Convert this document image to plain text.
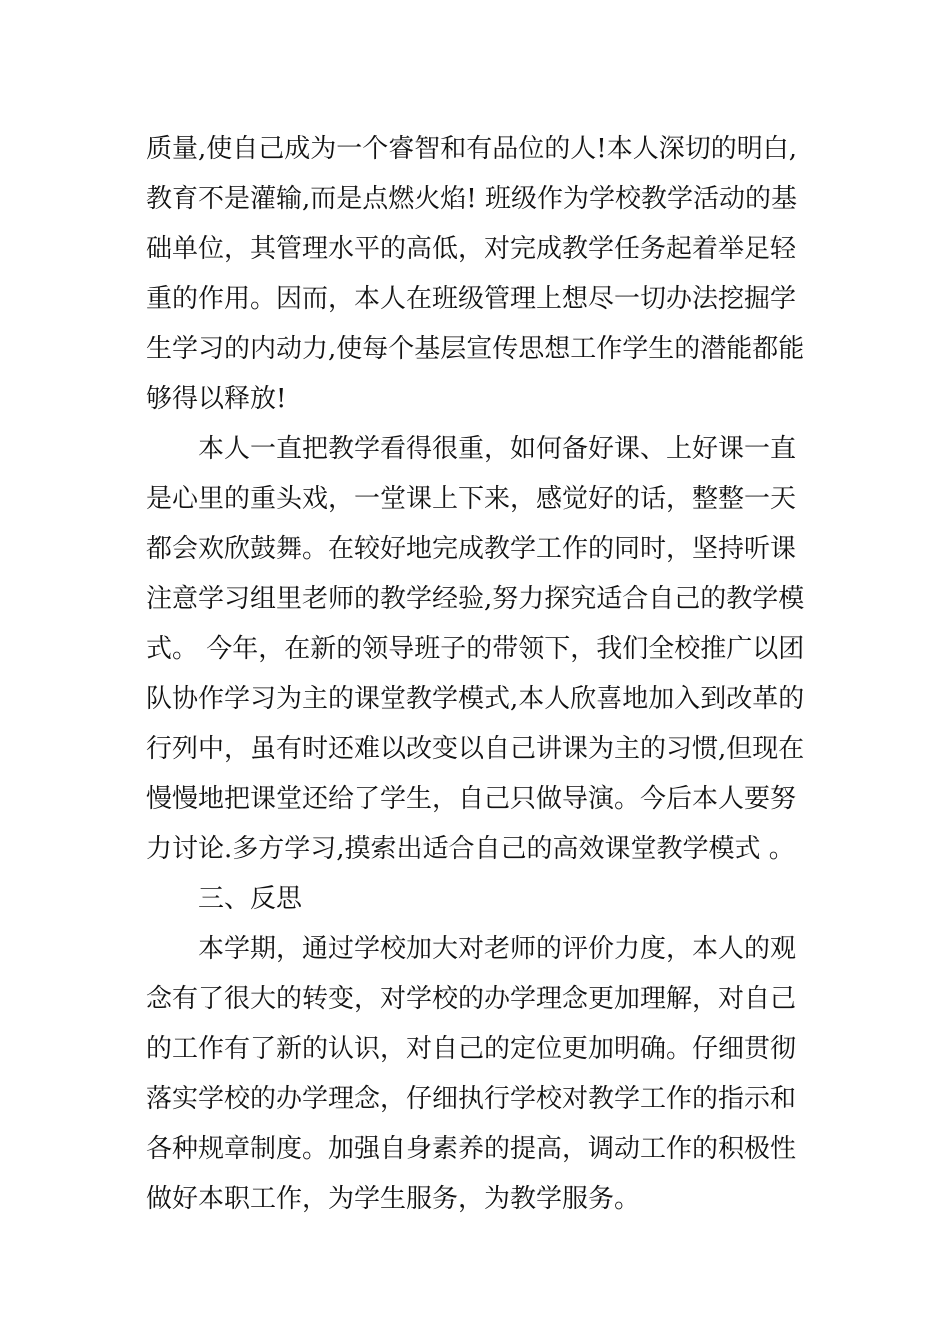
质量,使自己成为一个睿智和有品位的人!本人深切的明白,
教育不是灌输,而是点燃火焰! 班级作为学校教学活动的基
础单位，其管理水平的高低，对完成教学任务起着举足轻
重的作用。因而，本人在班级管理上想尽一切办法挖掘学
生学习的内动力,使每个基层宣传思想工作学生的潜能都能
够得以释放!
本人一直把教学看得很重，如何备好课、上好课一直
是心里的重头戏，一堂课上下来，感觉好的话，整整一天
都会欢欣鼓舞。在较好地完成教学工作的同时，坚持听课
注意学习组里老师的教学经验,努力探究适合自己的教学模
式。 今年，在新的领导班子的带领下，我们全校推广以团
队协作学习为主的课堂教学模式,本人欣喜地加入到改革的
行列中，虽有时还难以改变以自己讲课为主的习惯,但现在
慢慢地把课堂还给了学生，自己只做导演。今后本人要努
力讨论.多方学习,摸索出适合自己的高效课堂教学模式 。
三、反思
本学期，通过学校加大对老师的评价力度，本人的观
念有了很大的转变，对学校的办学理念更加理解，对自己
的工作有了新的认识，对自己的定位更加明确。仔细贯彻
落实学校的办学理念，仔细执行学校对教学工作的指示和
各种规章制度。加强自身素养的提高，调动工作的积极性
做好本职工作，为学生服务，为教学服务。
